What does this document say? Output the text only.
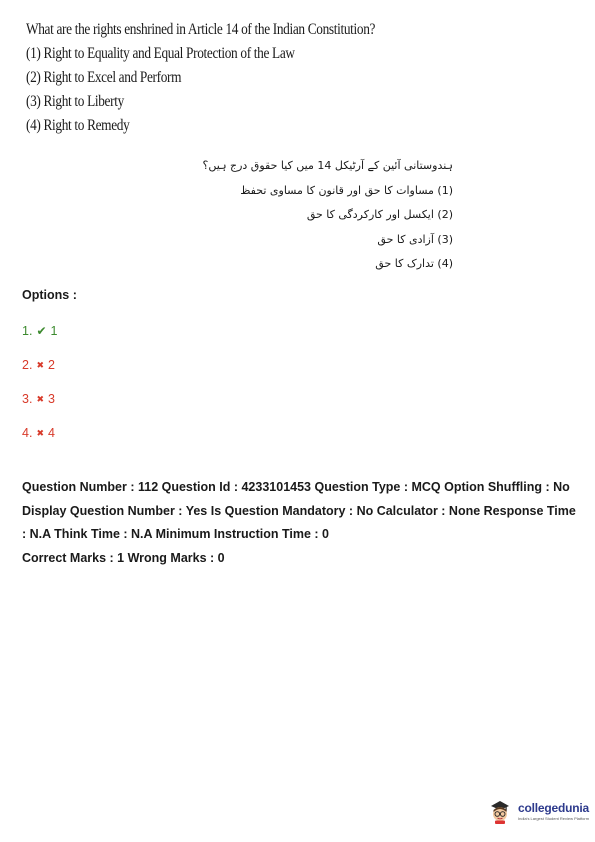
What are the rights enshrined in Article 14 of the Indian Constitution?
(1) Right to Equality and Equal Protection of the Law
(2) Right to Excel and Perform
(3) Right to Liberty
(4) Right to Remedy
ہندوستانی آئین کے آرٹیکل 14 میں کیا حقوق درج ہیں؟
(1) مساوات کا حق اور قانون کا مساوی تحفظ
(2) ایکسل اور کارکردگی کا حق
(3) آزادی کا حق
(4) تدارک کا حق
Options :
1. ✔ 1
2. ✖ 2
3. ✖ 3
4. ✖ 4
Question Number : 112 Question Id : 4233101453 Question Type : MCQ Option Shuffling : No
Display Question Number : Yes Is Question Mandatory : No Calculator : None Response Time
: N.A Think Time : N.A Minimum Instruction Time : 0
Correct Marks : 1 Wrong Marks : 0
collegedunia
India's Largest Student Review Platform
